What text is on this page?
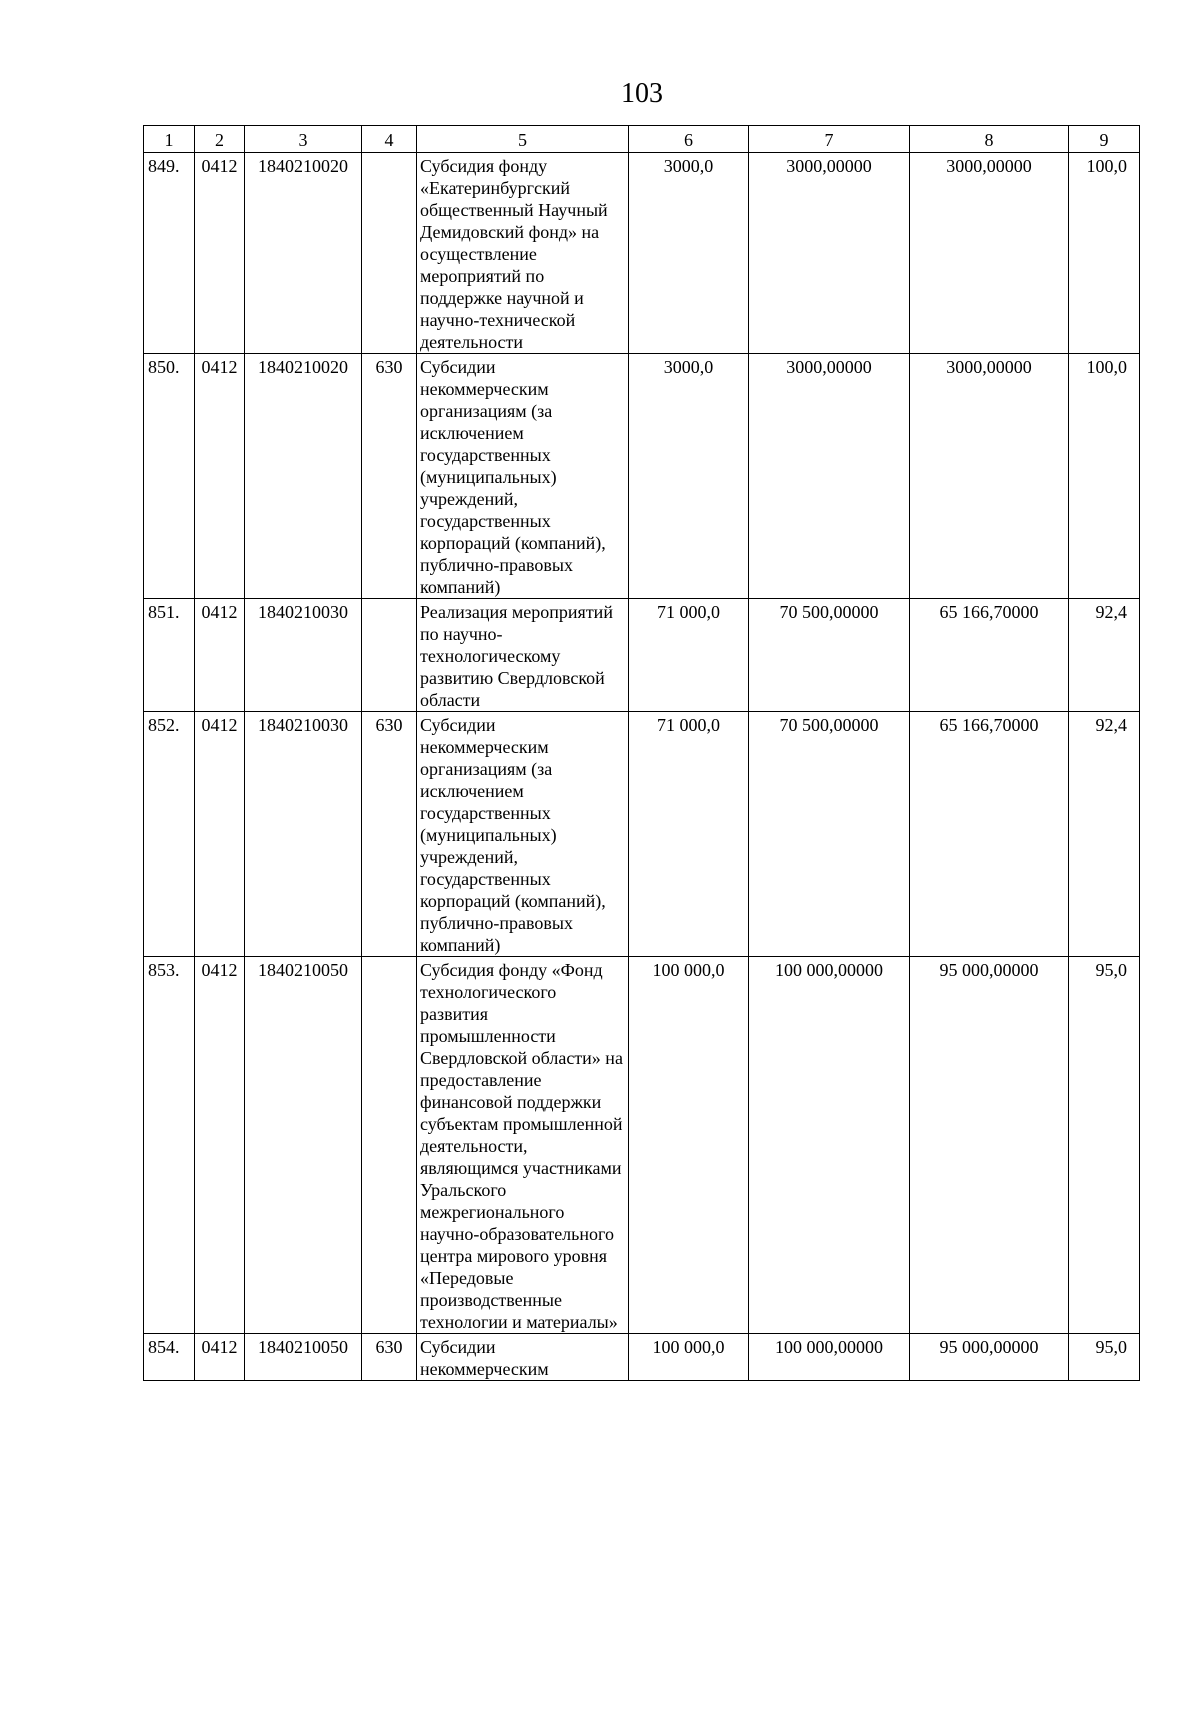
103
1	2	3	4	5	6	7	8	9
849.	0412	1840210020		Субсидия фонду «Екатеринбургский общественный Научный Демидовский фонд» на осуществление мероприятий по поддержке научной и научно-технической деятельности	3000,0	3000,00000	3000,00000	100,0
850.	0412	1840210020	630	Субсидии некоммерческим организациям (за исключением государственных (муниципальных) учреждений, государственных корпораций (компаний), публично-правовых компаний)	3000,0	3000,00000	3000,00000	100,0
851.	0412	1840210030		Реализация мероприятий по научно-технологическому развитию Свердловской области	71 000,0	70 500,00000	65 166,70000	92,4
852.	0412	1840210030	630	Субсидии некоммерческим организациям (за исключением государственных (муниципальных) учреждений, государственных корпораций (компаний), публично-правовых компаний)	71 000,0	70 500,00000	65 166,70000	92,4
853.	0412	1840210050		Субсидия фонду «Фонд технологического развития промышленности Свердловской области» на предоставление финансовой поддержки субъектам промышленной деятельности, являющимся участниками Уральского межрегионального научно-образовательного центра мирового уровня «Передовые производственные технологии и материалы»	100 000,0	100 000,00000	95 000,00000	95,0
854.	0412	1840210050	630	Субсидии некоммерческим	100 000,0	100 000,00000	95 000,00000	95,0
